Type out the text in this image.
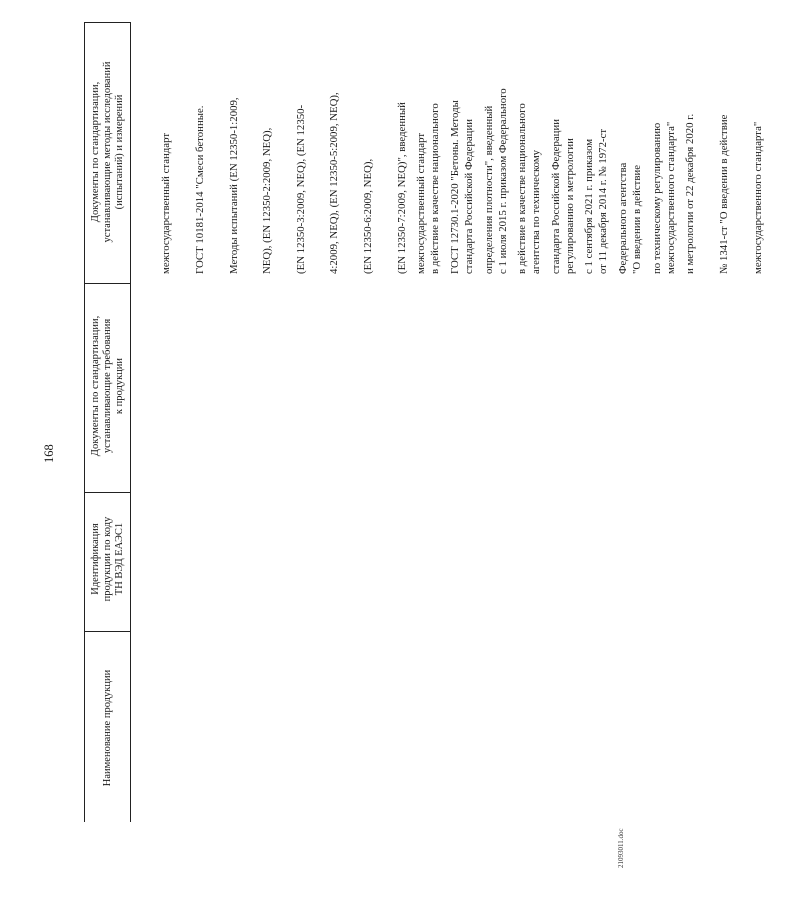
168
Документы по стандартизации, устанавливающие методы исследований (испытаний) и измерений
Документы по стандартизации, устанавливающие требования к продукции
Идентификация продукции по коду ТН ВЭД ЕАЭС1
Наименование продукции

межгосударственный стандарт

ГОСТ 10181-2014 "Смеси бетонные.

Методы испытаний (EN 12350-1:2009,

NEQ), (EN 12350-2:2009, NEQ),

(EN 12350-3:2009, NEQ), (EN 12350-

4:2009, NEQ), (EN 12350-5:2009, NEQ),

(EN 12350-6:2009, NEQ),

(EN 12350-7:2009, NEQ)", введенный

в действие в качестве национального

стандарта Российской Федерации

с 1 июля 2015 г. приказом Федерального

агентства по техническому

регулированию и метрологии

от 11 декабря 2014 г. № 1972-ст

"О введении в действие

межгосударственного стандарта"

межгосударственный стандарт

ГОСТ 12730.1-2020 "Бетоны. Методы

определения плотности", введенный

в действие в качестве национального

стандарта Российской Федерации

с 1 сентября 2021 г. приказом

Федерального агентства

по техническому регулированию

и метрологии от 22 декабря 2020 г.

№ 1341-ст "О введении в действие

межгосударственного стандарта"

21093011.doc
